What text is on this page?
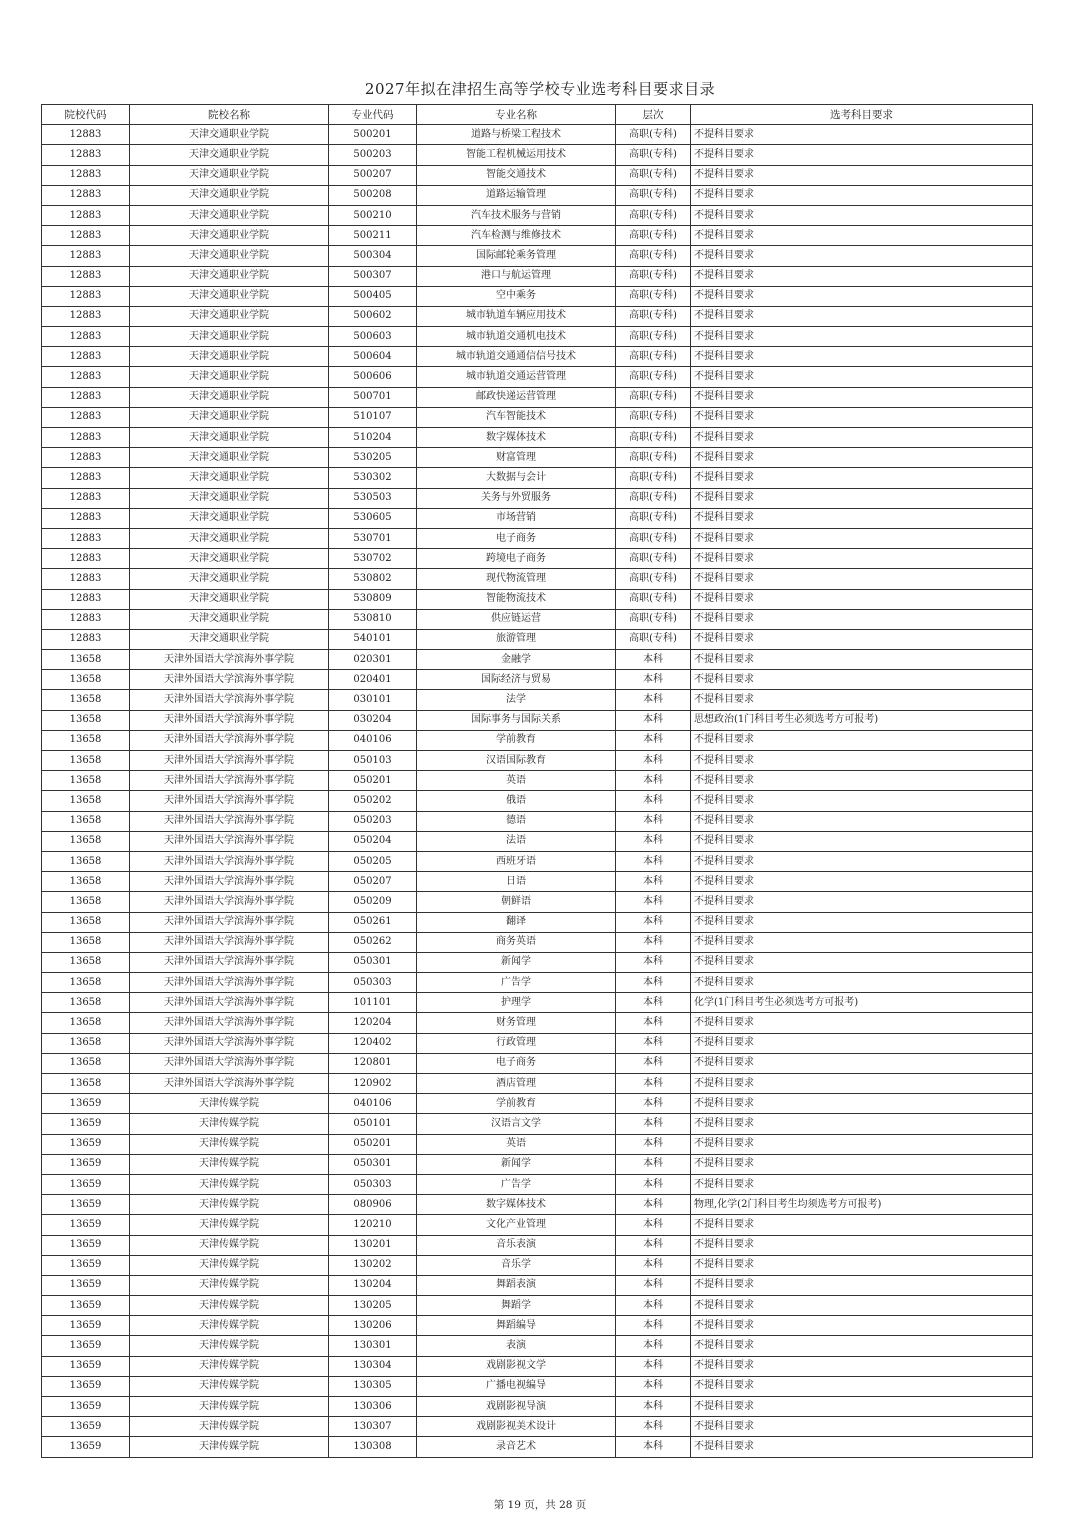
2027年拟在津招生高等学校专业选考科目要求目录
院校代码	院校名称	专业代码	专业名称	层次	选考科目要求
12883	天津交通职业学院	500201	道路与桥梁工程技术	高职(专科)	不提科目要求
12883	天津交通职业学院	500203	智能工程机械运用技术	高职(专科)	不提科目要求
12883	天津交通职业学院	500207	智能交通技术	高职(专科)	不提科目要求
12883	天津交通职业学院	500208	道路运输管理	高职(专科)	不提科目要求
12883	天津交通职业学院	500210	汽车技术服务与营销	高职(专科)	不提科目要求
12883	天津交通职业学院	500211	汽车检测与维修技术	高职(专科)	不提科目要求
12883	天津交通职业学院	500304	国际邮轮乘务管理	高职(专科)	不提科目要求
12883	天津交通职业学院	500307	港口与航运管理	高职(专科)	不提科目要求
12883	天津交通职业学院	500405	空中乘务	高职(专科)	不提科目要求
12883	天津交通职业学院	500602	城市轨道车辆应用技术	高职(专科)	不提科目要求
12883	天津交通职业学院	500603	城市轨道交通机电技术	高职(专科)	不提科目要求
12883	天津交通职业学院	500604	城市轨道交通通信信号技术	高职(专科)	不提科目要求
12883	天津交通职业学院	500606	城市轨道交通运营管理	高职(专科)	不提科目要求
12883	天津交通职业学院	500701	邮政快递运营管理	高职(专科)	不提科目要求
12883	天津交通职业学院	510107	汽车智能技术	高职(专科)	不提科目要求
12883	天津交通职业学院	510204	数字媒体技术	高职(专科)	不提科目要求
12883	天津交通职业学院	530205	财富管理	高职(专科)	不提科目要求
12883	天津交通职业学院	530302	大数据与会计	高职(专科)	不提科目要求
12883	天津交通职业学院	530503	关务与外贸服务	高职(专科)	不提科目要求
12883	天津交通职业学院	530605	市场营销	高职(专科)	不提科目要求
12883	天津交通职业学院	530701	电子商务	高职(专科)	不提科目要求
12883	天津交通职业学院	530702	跨境电子商务	高职(专科)	不提科目要求
12883	天津交通职业学院	530802	现代物流管理	高职(专科)	不提科目要求
12883	天津交通职业学院	530809	智能物流技术	高职(专科)	不提科目要求
12883	天津交通职业学院	530810	供应链运营	高职(专科)	不提科目要求
12883	天津交通职业学院	540101	旅游管理	高职(专科)	不提科目要求
13658	天津外国语大学滨海外事学院	020301	金融学	本科	不提科目要求
13658	天津外国语大学滨海外事学院	020401	国际经济与贸易	本科	不提科目要求
13658	天津外国语大学滨海外事学院	030101	法学	本科	不提科目要求
13658	天津外国语大学滨海外事学院	030204	国际事务与国际关系	本科	思想政治(1门科目考生必须选考方可报考)
13658	天津外国语大学滨海外事学院	040106	学前教育	本科	不提科目要求
13658	天津外国语大学滨海外事学院	050103	汉语国际教育	本科	不提科目要求
13658	天津外国语大学滨海外事学院	050201	英语	本科	不提科目要求
13658	天津外国语大学滨海外事学院	050202	俄语	本科	不提科目要求
13658	天津外国语大学滨海外事学院	050203	德语	本科	不提科目要求
13658	天津外国语大学滨海外事学院	050204	法语	本科	不提科目要求
13658	天津外国语大学滨海外事学院	050205	西班牙语	本科	不提科目要求
13658	天津外国语大学滨海外事学院	050207	日语	本科	不提科目要求
13658	天津外国语大学滨海外事学院	050209	朝鲜语	本科	不提科目要求
13658	天津外国语大学滨海外事学院	050261	翻译	本科	不提科目要求
13658	天津外国语大学滨海外事学院	050262	商务英语	本科	不提科目要求
13658	天津外国语大学滨海外事学院	050301	新闻学	本科	不提科目要求
13658	天津外国语大学滨海外事学院	050303	广告学	本科	不提科目要求
13658	天津外国语大学滨海外事学院	101101	护理学	本科	化学(1门科目考生必须选考方可报考)
13658	天津外国语大学滨海外事学院	120204	财务管理	本科	不提科目要求
13658	天津外国语大学滨海外事学院	120402	行政管理	本科	不提科目要求
13658	天津外国语大学滨海外事学院	120801	电子商务	本科	不提科目要求
13658	天津外国语大学滨海外事学院	120902	酒店管理	本科	不提科目要求
13659	天津传媒学院	040106	学前教育	本科	不提科目要求
13659	天津传媒学院	050101	汉语言文学	本科	不提科目要求
13659	天津传媒学院	050201	英语	本科	不提科目要求
13659	天津传媒学院	050301	新闻学	本科	不提科目要求
13659	天津传媒学院	050303	广告学	本科	不提科目要求
13659	天津传媒学院	080906	数字媒体技术	本科	物理,化学(2门科目考生均须选考方可报考)
13659	天津传媒学院	120210	文化产业管理	本科	不提科目要求
13659	天津传媒学院	130201	音乐表演	本科	不提科目要求
13659	天津传媒学院	130202	音乐学	本科	不提科目要求
13659	天津传媒学院	130204	舞蹈表演	本科	不提科目要求
13659	天津传媒学院	130205	舞蹈学	本科	不提科目要求
13659	天津传媒学院	130206	舞蹈编导	本科	不提科目要求
13659	天津传媒学院	130301	表演	本科	不提科目要求
13659	天津传媒学院	130304	戏剧影视文学	本科	不提科目要求
13659	天津传媒学院	130305	广播电视编导	本科	不提科目要求
13659	天津传媒学院	130306	戏剧影视导演	本科	不提科目要求
13659	天津传媒学院	130307	戏剧影视美术设计	本科	不提科目要求
13659	天津传媒学院	130308	录音艺术	本科	不提科目要求
第 19 页，共 28 页
